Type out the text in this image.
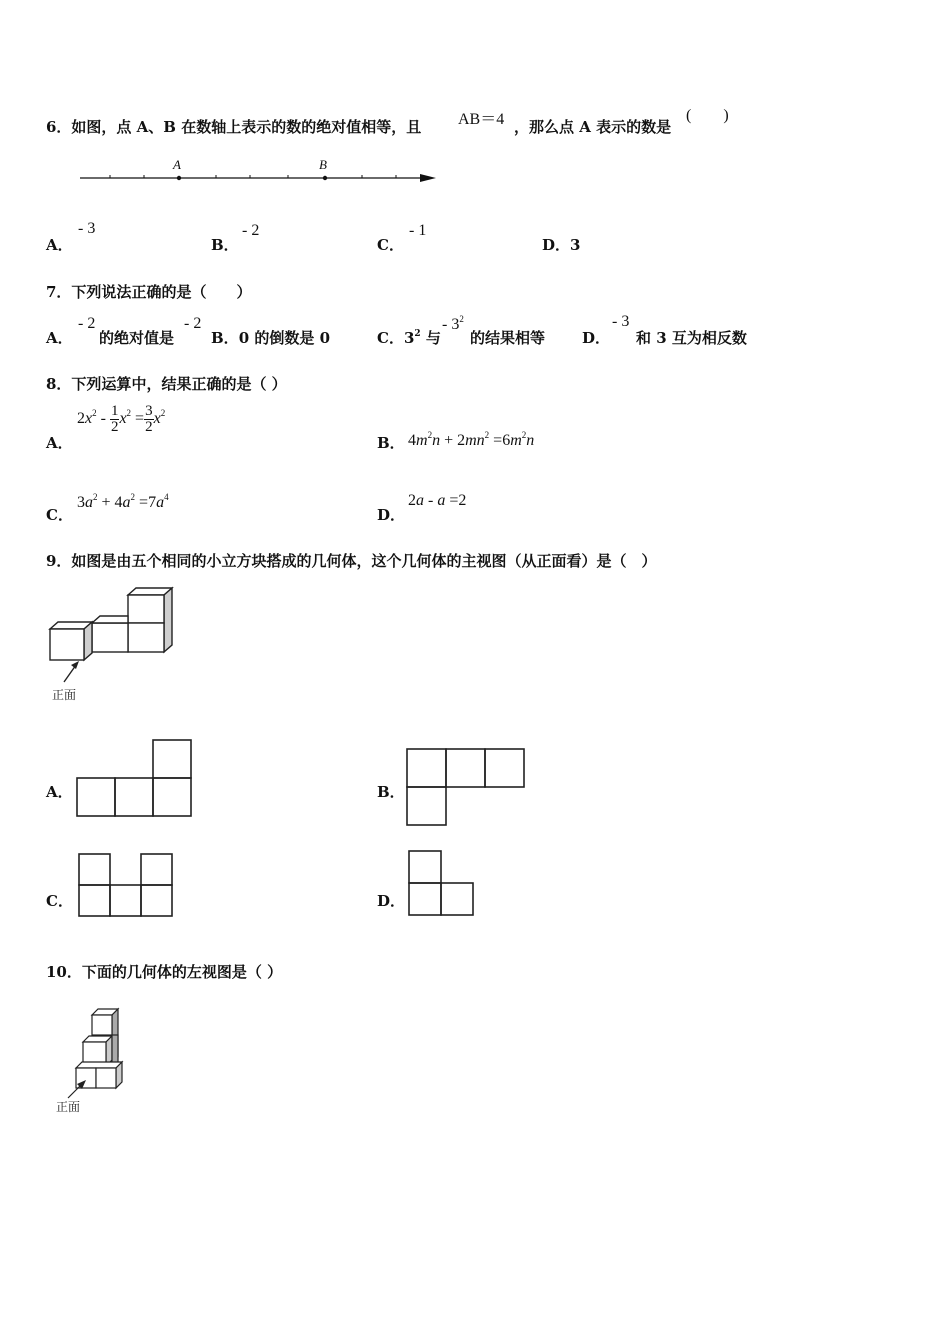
6．如图，点 A、B 在数轴上表示的数的绝对值相等，且 AB＝4 ，那么点 A 表示的数是
(　　)
A	B
A．
- 3
B．
- 2
C．
- 1
D．3
7．下列说法正确的是（　　）
A．
- 2
的绝对值是
- 2
B．0 的倒数是 0	C．$3^2$ 与
- $3^2$
的结果相等 D．
- 3
和 3 互为相反数
8．下列运算中，结果正确的是（ ）
A．
$2x^2 - \frac{1}{2} x^2 = \frac{3}{2} x^2$
B． $4m^2n + 2mn^2 =6m^2n$
C．
$3a^2 + 4a^2 =7a^4$
D．
2a - a =2
9．如图是由五个相同的小立方块搭成的几何体，这个几何体的主视图（从正面看）是（　）
正面
A．	B．
C．	D．
10．下面的几何体的左视图是（ ）
正面
